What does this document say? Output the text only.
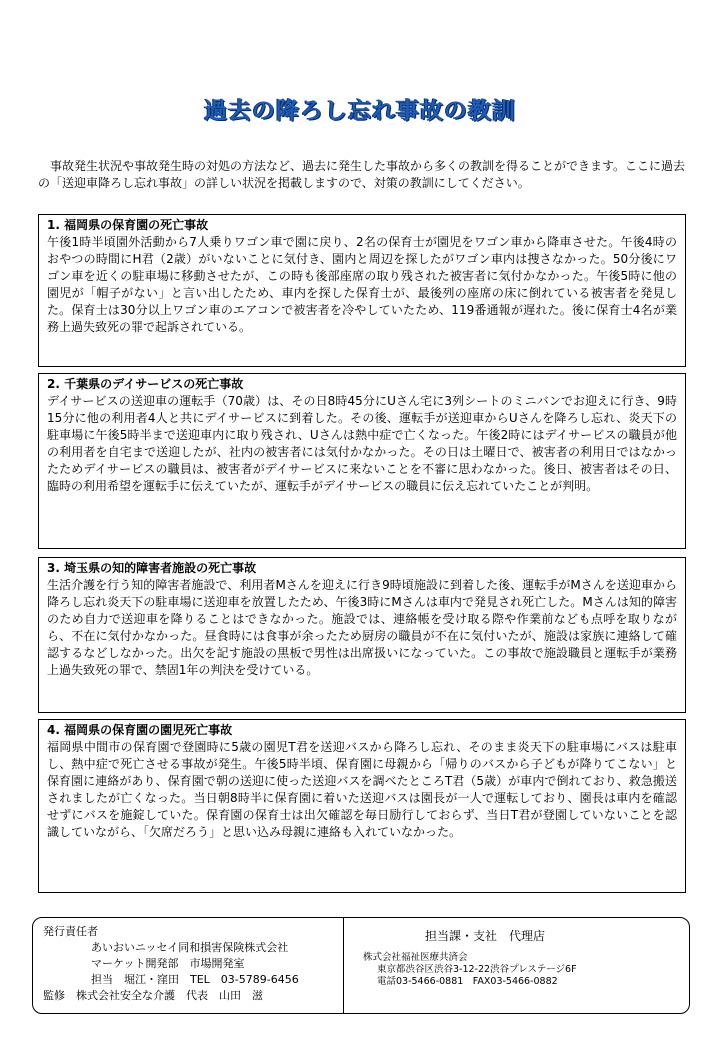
過去の降ろし忘れ事故の教訓
事故発生状況や事故発生時の対処の方法など、過去に発生した事故から多くの教訓を得ることができます。ここに過去の「送迎車降ろし忘れ事故」の詳しい状況を掲載しますので、対策の教訓にしてください。
1. 福岡県の保育園の死亡事故

午後1時半頃園外活動から7人乗りワゴン車で園に戻り、2名の保育士が園児をワゴン車から降車させた。午後4時のおやつの時間にH君（2歳）がいないことに気付き、園内と周辺を探したがワゴン車内は捜さなかった。50分後にワゴン車を近くの駐車場に移動させたが、この時も後部座席の取り残された被害者に気付かなかった。午後5時に他の園児が「帽子がない」と言い出したため、車内を探した保育士が、最後列の座席の床に倒れている被害者を発見した。保育士は30分以上ワゴン車のエアコンで被害者を冷やしていたため、119番通報が遅れた。後に保育士4名が業務上過失致死の罪で起訴されている。

2. 千葉県のデイサービスの死亡事故

デイサービスの送迎車の運転手（70歳）は、その日8時45分にUさん宅に3列シートのミニバンでお迎えに行き、9時15分に他の利用者4人と共にデイサービスに到着した。その後、運転手が送迎車からUさんを降ろし忘れ、炎天下の駐車場に午後5時半まで送迎車内に取り残され、Uさんは熱中症で亡くなった。午後2時にはデイサービスの職員が他の利用者を自宅まで送迎したが、社内の被害者には気付かなかった。その日は土曜日で、被害者の利用日ではなかったためデイサービスの職員は、被害者がデイサービスに来ないことを不審に思わなかった。後日、被害者はその日、臨時の利用希望を運転手に伝えていたが、運転手がデイサービスの職員に伝え忘れていたことが判明。

3. 埼玉県の知的障害者施設の死亡事故

生活介護を行う知的障害者施設で、利用者Mさんを迎えに行き9時頃施設に到着した後、運転手がMさんを送迎車から降ろし忘れ炎天下の駐車場に送迎車を放置したため、午後3時にMさんは車内で発見され死亡した。Mさんは知的障害のため自力で送迎車を降りることはできなかった。施設では、連絡帳を受け取る際や作業前なども点呼を取りながら、不在に気付かなかった。昼食時には食事が余ったため厨房の職員が不在に気付いたが、施設は家族に連絡して確認するなどしなかった。出欠を記す施設の黒板で男性は出席扱いになっていた。この事故で施設職員と運転手が業務上過失致死の罪で、禁固1年の判決を受けている。

4. 福岡県の保育園の園児死亡事故

福岡県中間市の保育園で登園時に5歳の園児T君を送迎バスから降ろし忘れ、そのまま炎天下の駐車場にバスは駐車し、熱中症で死亡させる事故が発生。午後5時半頃、保育園に母親から「帰りのバスから子どもが降りてこない」と保育園に連絡があり、保育園で朝の送迎に使った送迎バスを調べたところT君（5歳）が車内で倒れており、救急搬送されましたが亡くなった。当日朝8時半に保育園に着いた送迎バスは園長が一人で運転しており、園長は車内を確認せずにバスを施錠していた。保育園の保育士は出欠確認を毎日励行しておらず、当日T君が登園していないことを認識していながら、「欠席だろう」と思い込み母親に連絡も入れていなかった。

発行責任者
あいおいニッセイ同和損害保険株式会社
マーケット開発部　市場開発室
担当　堀江・窪田　TEL　03-5789-6456
監修　株式会社安全な介護　代表　山田　滋
担当課・支社　代理店
株式会社福祉医療共済会
東京都渋谷区渋谷3-12-22渋谷プレステージ6F
電話03-5466-0881　FAX03-5466-0882
